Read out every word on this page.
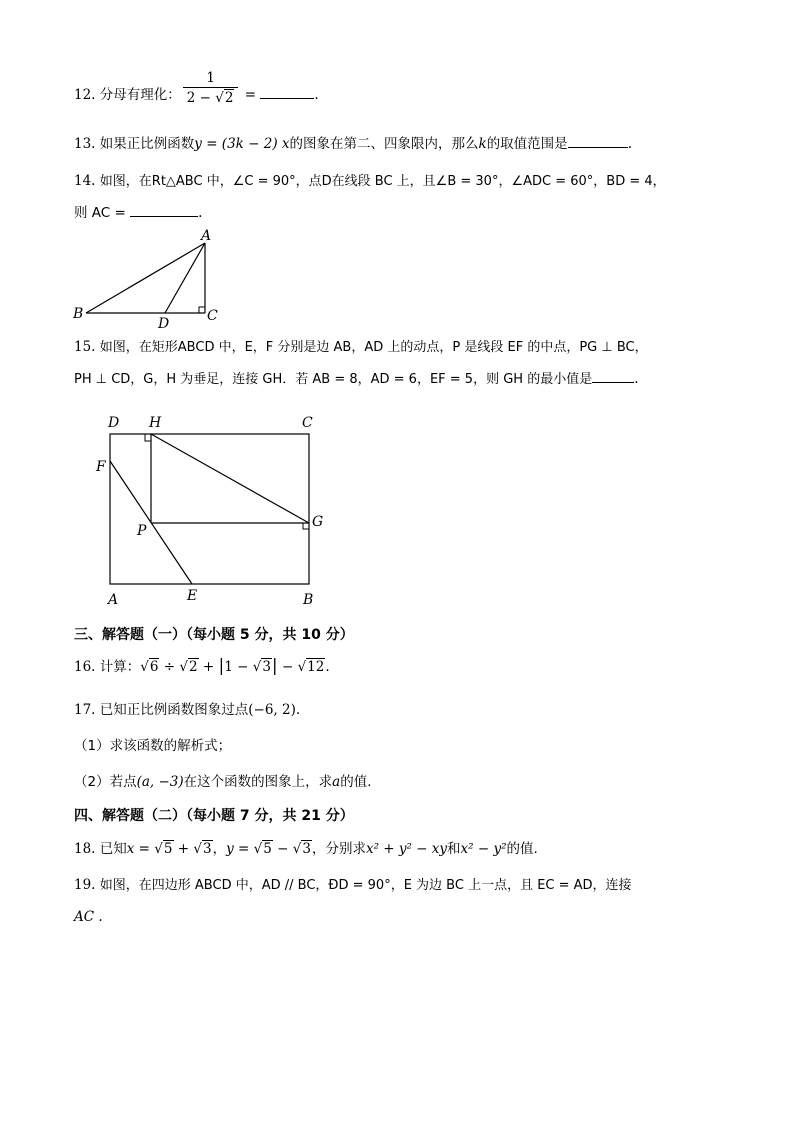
12. 分母有理化： $\frac{1}{2 - √2}$ =	.
13. 如果正比例函数y = (3k − 2) x的图象在第二、四象限内，那么k的取值范围是	.
14. 如图，在Rt△ABC 中，∠C = 90°，点D在线段 BC 上，且∠B = 30°，∠ADC = 60°，BD = 4，
则 AC =	.
A
B	C
D
15. 如图，在矩形ABCD 中，E，F 分别是边 AB，AD 上的动点，P 是线段 EF 的中点，PG ⊥ BC，
PH ⊥ CD，G，H 为垂足，连接 GH．若 AB = 8，AD = 6，EF = 5，则 GH 的最小值是	.
D H	C
F
P
G
A	E	B
三、解答题（一）（每小题 5 分，共 10 分）
16. 计算：√6 ÷ √2 + |1 − √3| − √12.
17. 已知正比例函数图象过点(−6, 2).
（1）求该函数的解析式；
（2）若点(a, −3)在这个函数的图象上，求a的值.
四、解答题（二）（每小题 7 分，共 21 分）
18. 已知x = √5 + √3，y = √5 − √3，分别求x² + y² − xy和x² − y²的值.
19. 如图，在四边形 ABCD 中，AD // BC，ÐD = 90°，E 为边 BC 上一点，且 EC = AD，连接
AC .
